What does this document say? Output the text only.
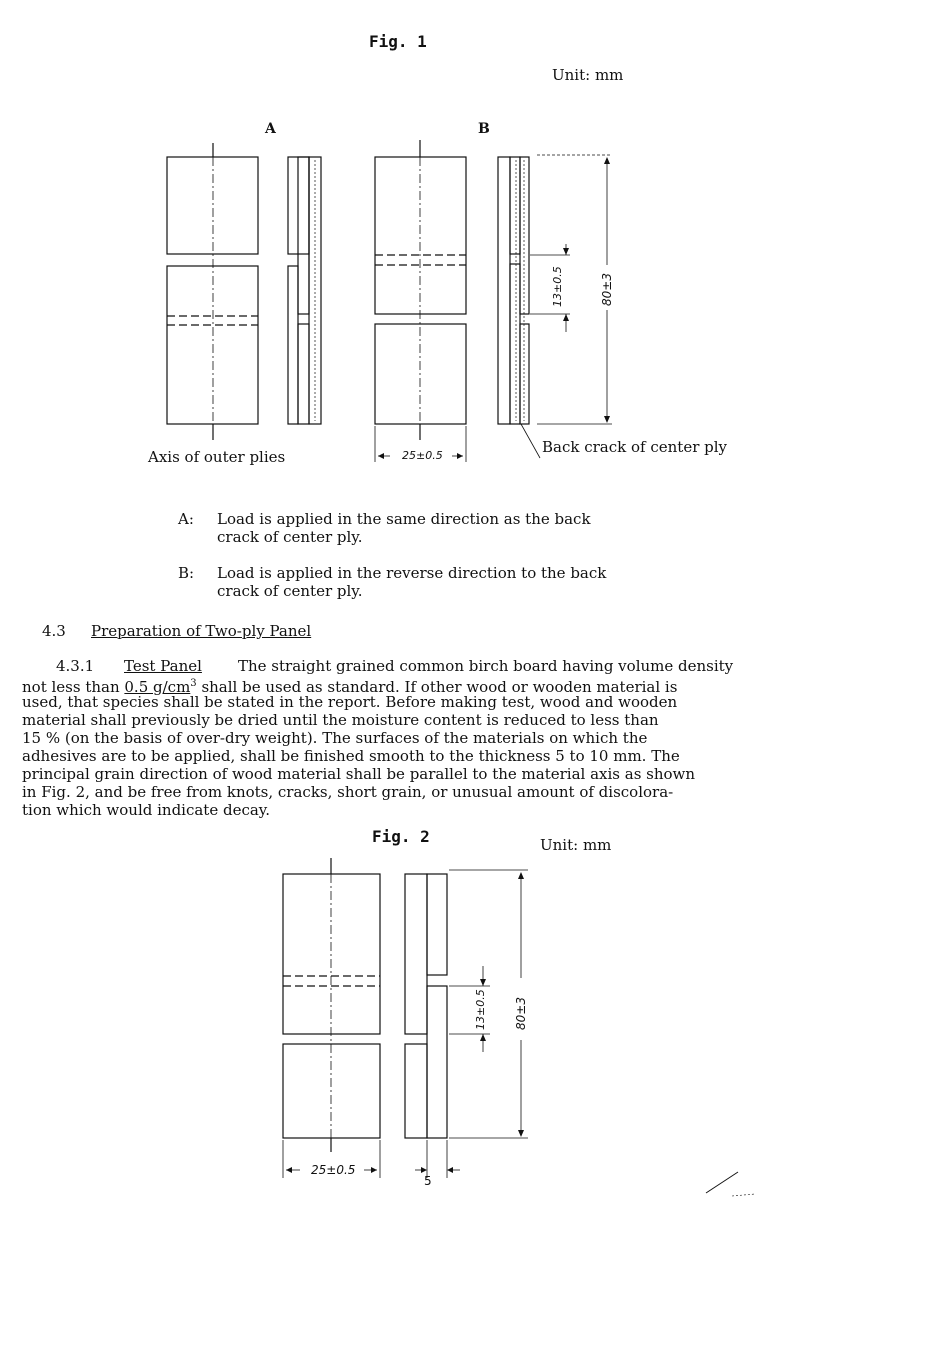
Fig. 1
Unit: mm
A	B
25±0.5
13±0.5	80±3
Axis of outer plies
Back crack of center ply
A: Load is applied in the same direction as the back
crack of center ply.
B: Load is applied in the reverse direction to the back
crack of center ply.
4.3 Preparation of Two-ply Panel
4.3.1 Test Panel The straight grained common birch board having volume density
not less than 0.5 $g/cm^3$ shall be used as standard. If other wood or wooden material is
used, that species shall be stated in the report. Before making test, wood and wooden
material shall previously be dried until the moisture content is reduced to less than
15 % (on the basis of over-dry weight). The surfaces of the materials on which the
adhesives are to be applied, shall be finished smooth to the thickness 5 to 10 mm. The
principal grain direction of wood material shall be parallel to the material axis as shown
in Fig. 2, and be free from knots, cracks, short grain, or unusual amount of discolora-
tion which would indicate decay.
Fig. 2	Unit: mm
25±0.5
5
13±0.5 80±3
